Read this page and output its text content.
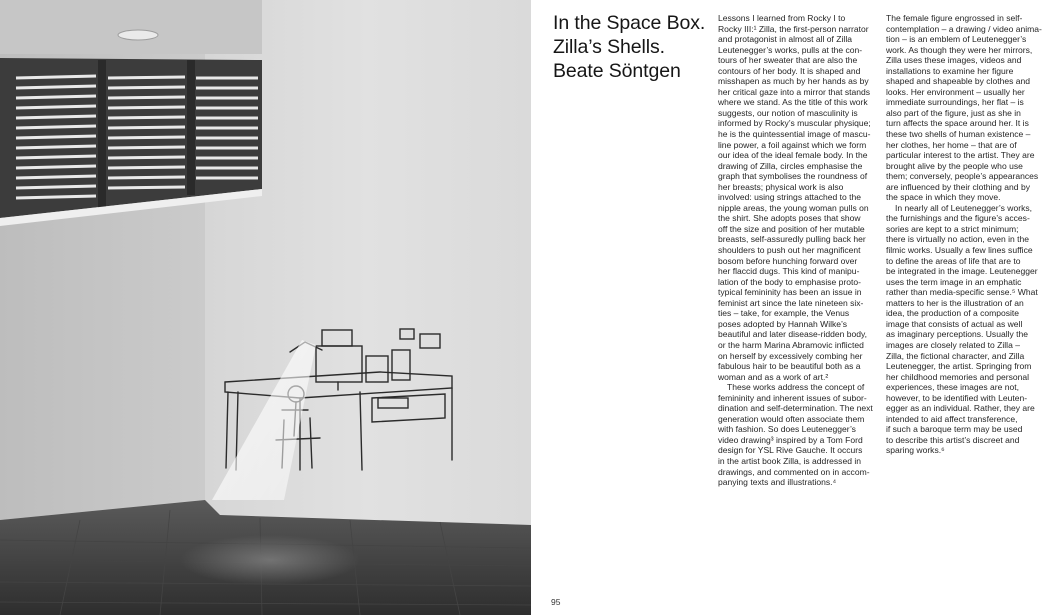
In the Space Box.
Zilla’s Shells.
Beate Söntgen
Lessons I learned from Rocky I to
Rocky III:¹ Zilla, the first-person narrator
and protagonist in almost all of Zilla
Leutenegger’s works, pulls at the con-
tours of her sweater that are also the
contours of her body. It is shaped and
misshapen as much by her hands as by
her critical gaze into a mirror that stands
where we stand. As the title of this work
suggests, our notion of masculinity is
informed by Rocky’s muscular physique;
he is the quintessential image of mascu-
line power, a foil against which we form
our idea of the ideal female body. In the
drawing of Zilla, circles emphasise the
graph that symbolises the roundness of
her breasts; physical work is also
involved: using strings attached to the
nipple areas, the young woman pulls on
the shirt. She adopts poses that show
off the size and position of her mutable
breasts, self-assuredly pulling back her
shoulders to push out her magnificent
bosom before hunching forward over
her flaccid dugs. This kind of manipu-
lation of the body to emphasise proto-
typical femininity has been an issue in
feminist art since the late nineteen six-
ties – take, for example, the Venus
poses adopted by Hannah Wilke’s
beautiful and later disease-ridden body,
or the harm Marina Abramovic inflicted
on herself by excessively combing her
fabulous hair to be beautiful both as a
woman and as a work of art.²
These works address the concept of
femininity and inherent issues of subor-
dination and self-determination. The next
generation would often associate them
with fashion. So does Leutenegger’s
video drawing³ inspired by a Tom Ford
design for YSL Rive Gauche. It occurs
in the artist book Zilla, is addressed in
drawings, and commented on in accom-
panying texts and illustrations.⁴
The female figure engrossed in self-
contemplation – a drawing / video anima-
tion – is an emblem of Leutenegger’s
work. As though they were her mirrors,
Zilla uses these images, videos and
installations to examine her figure
shaped and shapeable by clothes and
looks. Her environment – usually her
immediate surroundings, her flat – is
also part of the figure, just as she in
turn affects the space around her. It is
these two shells of human existence –
her clothes, her home – that are of
particular interest to the artist. They are
brought alive by the people who use
them; conversely, people’s appearances
are influenced by their clothing and by
the space in which they move.
In nearly all of Leutenegger’s works,
the furnishings and the figure’s acces-
sories are kept to a strict minimum;
there is virtually no action, even in the
filmic works. Usually a few lines suffice
to define the areas of life that are to
be integrated in the image. Leutenegger
uses the term image in an emphatic
rather than media-specific sense.⁵ What
matters to her is the illustration of an
idea, the production of a composite
image that consists of actual as well
as imaginary perceptions. Usually the
images are closely related to Zilla –
Zilla, the fictional character, and Zilla
Leutenegger, the artist. Springing from
her childhood memories and personal
experiences, these images are not,
however, to be identified with Leuten-
egger as an individual. Rather, they are
intended to aid affect transference,
if such a baroque term may be used
to describe this artist’s discreet and
sparing works.⁶
95
